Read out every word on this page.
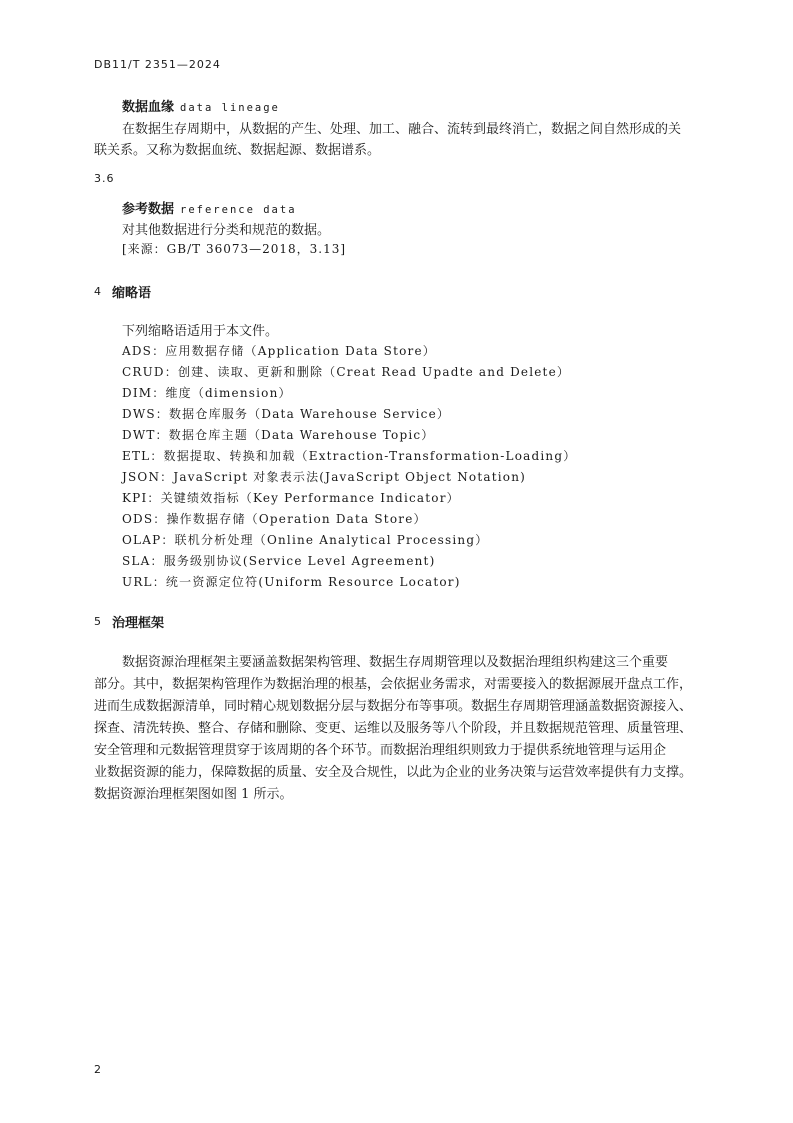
DB11/T 2351—2024
数据血缘 data lineage
在数据生存周期中，从数据的产生、处理、加工、融合、流转到最终消亡，数据之间自然形成的关
联关系。又称为数据血统、数据起源、数据谱系。
3.6
参考数据 reference data
对其他数据进行分类和规范的数据。
[来源：GB/T 36073—2018，3.13]
4 缩略语
下列缩略语适用于本文件。
ADS：应用数据存储（Application Data Store）
CRUD：创建、读取、更新和删除（Creat Read Upadte and Delete）
DIM：维度（dimension）
DWS：数据仓库服务（Data Warehouse Service）
DWT：数据仓库主题（Data Warehouse Topic）
ETL：数据提取、转换和加载（Extraction-Transformation-Loading）
JSON：JavaScript 对象表示法(JavaScript Object Notation)
KPI：关键绩效指标（Key Performance Indicator）
ODS：操作数据存储（Operation Data Store）
OLAP：联机分析处理（Online Analytical Processing）
SLA：服务级别协议(Service Level Agreement)
URL：统一资源定位符(Uniform Resource Locator)
5 治理框架
数据资源治理框架主要涵盖数据架构管理、数据生存周期管理以及数据治理组织构建这三个重要
部分。其中，数据架构管理作为数据治理的根基，会依据业务需求，对需要接入的数据源展开盘点工作，
进而生成数据源清单，同时精心规划数据分层与数据分布等事项。数据生存周期管理涵盖数据资源接入、
探查、清洗转换、整合、存储和删除、变更、运维以及服务等八个阶段，并且数据规范管理、质量管理、
安全管理和元数据管理贯穿于该周期的各个环节。而数据治理组织则致力于提供系统地管理与运用企
业数据资源的能力，保障数据的质量、安全及合规性，以此为企业的业务决策与运营效率提供有力支撑。
数据资源治理框架图如图 1 所示。
2
